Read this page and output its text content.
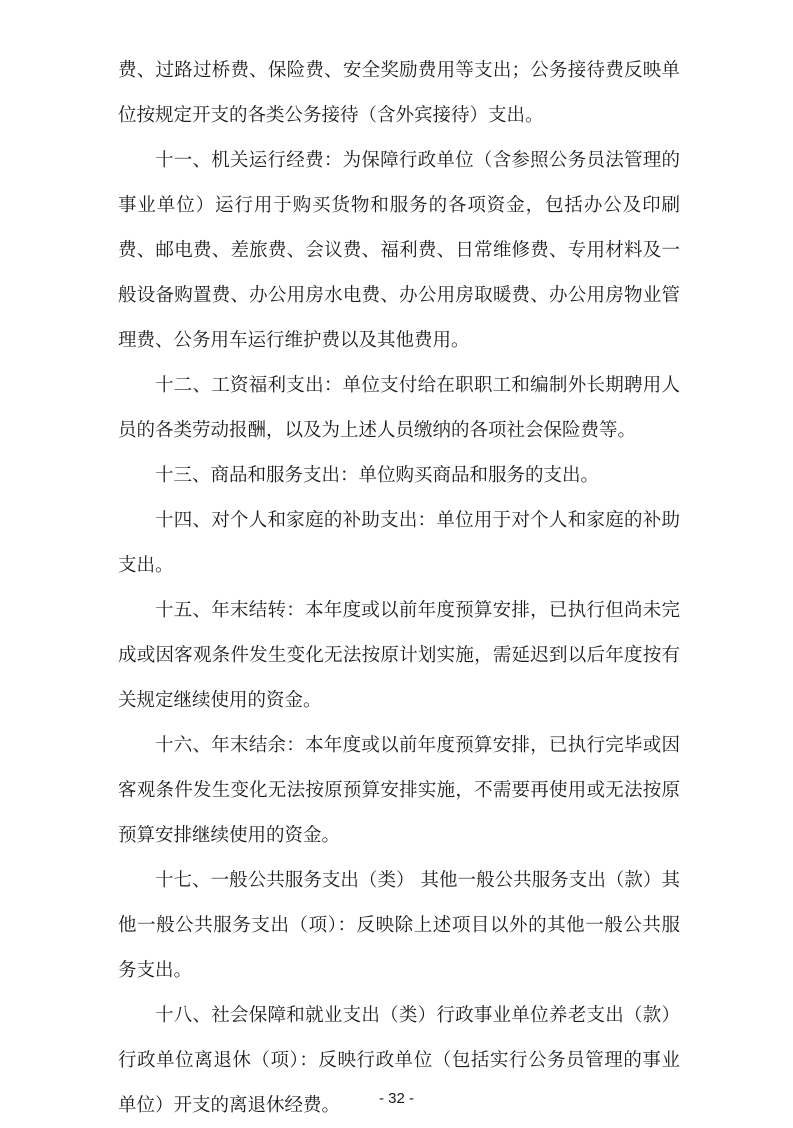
费、过路过桥费、保险费、安全奖励费用等支出；公务接待费反映单位按规定开支的各类公务接待（含外宾接待）支出。

十一、机关运行经费：为保障行政单位（含参照公务员法管理的事业单位）运行用于购买货物和服务的各项资金，包括办公及印刷费、邮电费、差旅费、会议费、福利费、日常维修费、专用材料及一般设备购置费、办公用房水电费、办公用房取暖费、办公用房物业管理费、公务用车运行维护费以及其他费用。

十二、工资福利支出：单位支付给在职职工和编制外长期聘用人员的各类劳动报酬，以及为上述人员缴纳的各项社会保险费等。

十三、商品和服务支出：单位购买商品和服务的支出。

十四、对个人和家庭的补助支出：单位用于对个人和家庭的补助支出。

十五、年末结转：本年度或以前年度预算安排，已执行但尚未完成或因客观条件发生变化无法按原计划实施，需延迟到以后年度按有关规定继续使用的资金。

十六、年末结余：本年度或以前年度预算安排，已执行完毕或因客观条件发生变化无法按原预算安排实施，不需要再使用或无法按原预算安排继续使用的资金。

十七、一般公共服务支出（类） 其他一般公共服务支出（款）其他一般公共服务支出（项）：反映除上述项目以外的其他一般公共服务支出。

十八、社会保障和就业支出（类）行政事业单位养老支出（款）行政单位离退休（项）：反映行政单位（包括实行公务员管理的事业单位）开支的离退休经费。	- 32 -
